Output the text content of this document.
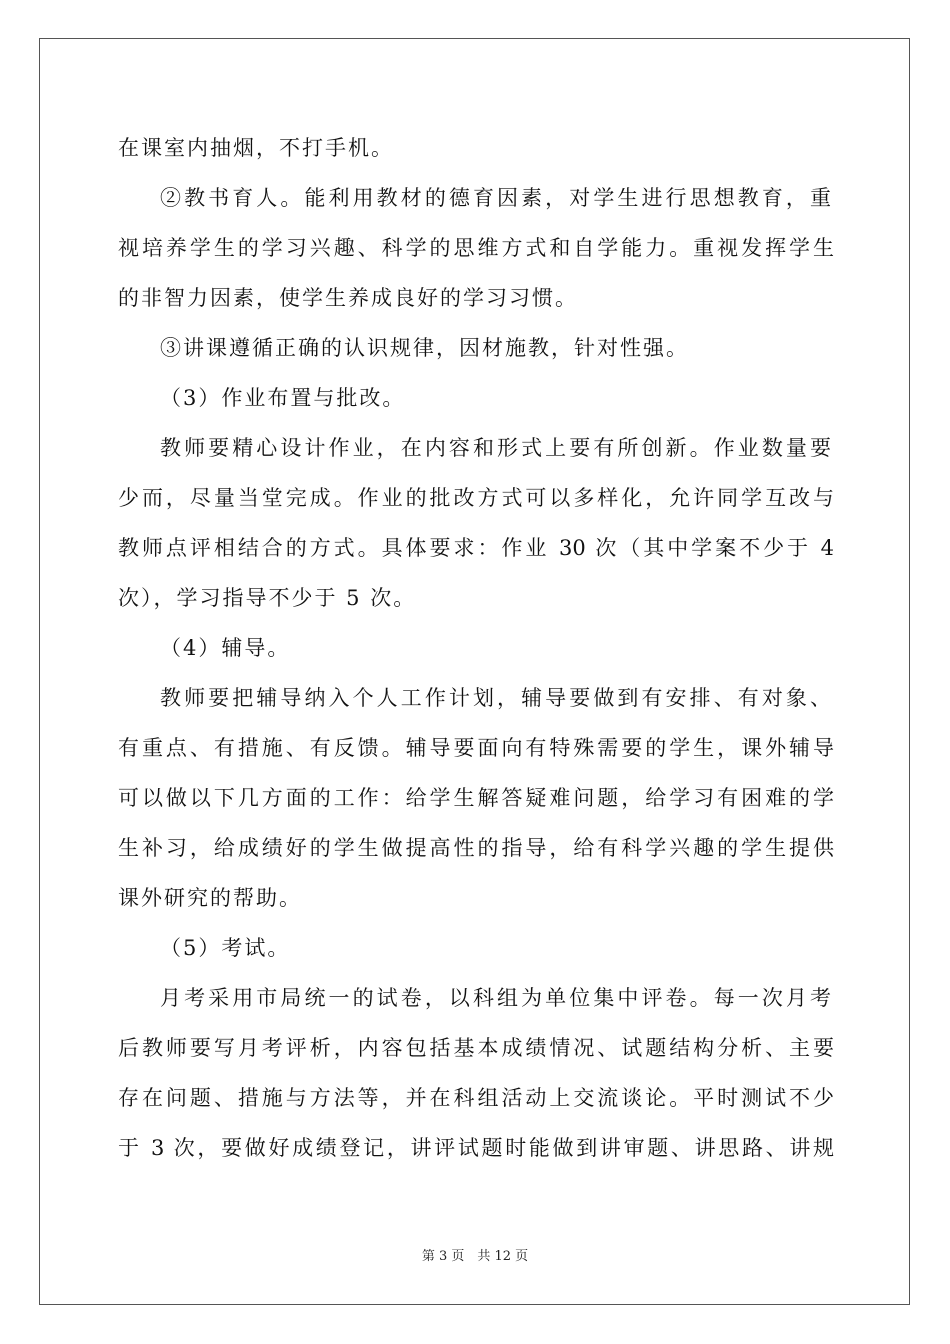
在课室内抽烟，不打手机。
②教书育人。能利用教材的德育因素，对学生进行思想教育，重
视培养学生的学习兴趣、科学的思维方式和自学能力。重视发挥学生
的非智力因素，使学生养成良好的学习习惯。
③讲课遵循正确的认识规律，因材施教，针对性强。
（3）作业布置与批改。
教师要精心设计作业，在内容和形式上要有所创新。作业数量要
少而，尽量当堂完成。作业的批改方式可以多样化，允许同学互改与
教师点评相结合的方式。具体要求：作业 30 次（其中学案不少于 4
次），学习指导不少于 5 次。
（4）辅导。
教师要把辅导纳入个人工作计划，辅导要做到有安排、有对象、
有重点、有措施、有反馈。辅导要面向有特殊需要的学生，课外辅导
可以做以下几方面的工作：给学生解答疑难问题，给学习有困难的学
生补习，给成绩好的学生做提高性的指导，给有科学兴趣的学生提供
课外研究的帮助。
（5）考试。
月考采用市局统一的试卷，以科组为单位集中评卷。每一次月考
后教师要写月考评析，内容包括基本成绩情况、试题结构分析、主要
存在问题、措施与方法等，并在科组活动上交流谈论。平时测试不少
于 3 次，要做好成绩登记，讲评试题时能做到讲审题、讲思路、讲规
第 3 页　共 12 页
